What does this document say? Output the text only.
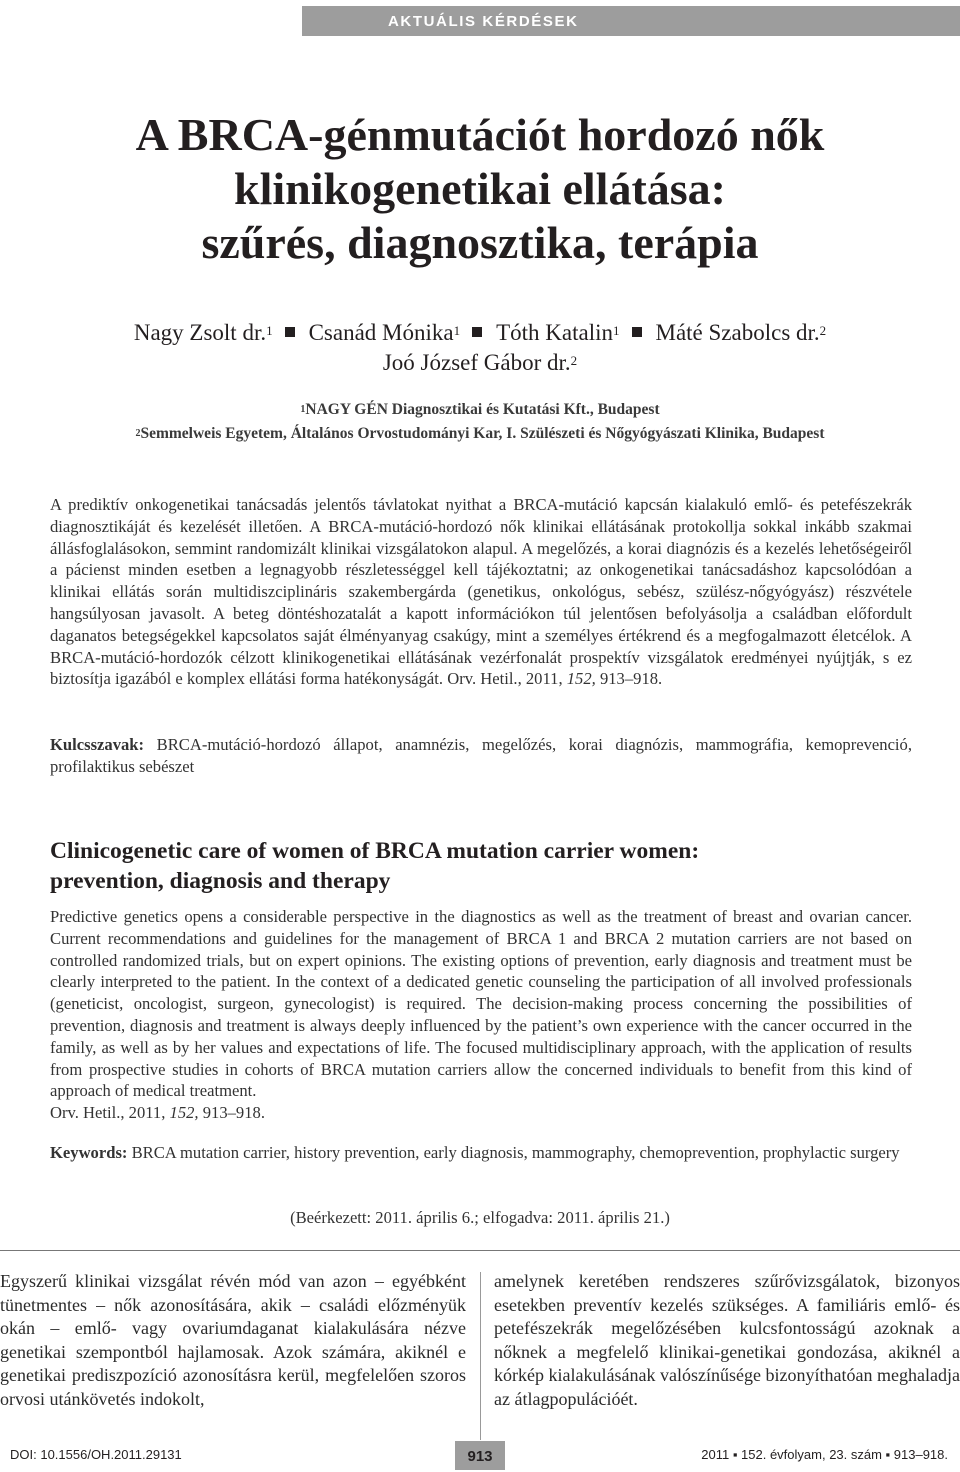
AKTUÁLIS KÉRDÉSEK
A BRCA-génmutációt hordozó nők
klinikogenetikai ellátása:
szűrés, diagnosztika, terápia
Nagy Zsolt dr.$^1$ Csanád Mónika$^1$ Tóth Katalin$^1$ Máté Szabolcs dr.$^2$
Joó József Gábor dr.$^2$
$^1$NAGY GÉN Diagnosztikai és Kutatási Kft., Budapest
$^2$Semmelweis Egyetem, Általános Orvostudományi Kar, I. Szülészeti és Nőgyógyászati Klinika, Budapest
A prediktív onkogenetikai tanácsadás jelentős távlatokat nyithat a BRCA-mutáció kapcsán kialakuló emlő- és petefészekrák diagnosztikáját és kezelését illetően. A BRCA-mutáció-hordozó nők klinikai ellátásának protokollja sokkal inkább szakmai állásfoglalásokon, semmint randomizált klinikai vizsgálatokon alapul. A megelőzés, a korai diagnózis és a kezelés lehetőségeiről a pácienst minden esetben a legnagyobb részletességgel kell tájékoztatni; az onkogenetikai tanácsadáshoz kapcsolódóan a klinikai ellátás során multidiszciplináris szakembergárda (genetikus, onkológus, sebész, szülész-nőgyógyász) részvétele hangsúlyosan javasolt. A beteg döntéshozatalát a kapott információkon túl jelentősen befolyásolja a családban előfordult daganatos betegségekkel kapcsolatos saját élményanyag csakúgy, mint a személyes értékrend és a megfogalmazott életcélok. A BRCA-mutáció-hordozók célzott klinikogenetikai ellátásának vezérfonalát prospektív vizsgálatok eredményei nyújtják, s ez biztosítja igazából e komplex ellátási forma hatékonyságát. Orv. Hetil., 2011, 152, 913–918.
Kulcsszavak: BRCA-mutáció-hordozó állapot, anamnézis, megelőzés, korai diagnózis, mammográfia, kemoprevenció, profilaktikus sebészet
Clinicogenetic care of women of BRCA mutation carrier women:
prevention, diagnosis and therapy
Predictive genetics opens a considerable perspective in the diagnostics as well as the treatment of breast and ovarian cancer. Current recommendations and guidelines for the management of BRCA 1 and BRCA 2 mutation carriers are not based on controlled randomized trials, but on expert opinions. The existing options of prevention, early diagnosis and treatment must be clearly interpreted to the patient. In the context of a dedicated genetic counseling the participation of all involved professionals (geneticist, oncologist, surgeon, gynecologist) is required. The decision-making process concerning the possibilities of prevention, diagnosis and treatment is always deeply influenced by the patient’s own experience with the cancer occurred in the family, as well as by her values and expectations of life. The focused multidisciplinary approach, with the application of results from prospective studies in cohorts of BRCA mutation carriers allow the concerned individuals to benefit from this kind of approach of medical treatment.
Orv. Hetil., 2011, 152, 913–918.
Keywords: BRCA mutation carrier, history prevention, early diagnosis, mammography, chemoprevention, prophylactic surgery
(Beérkezett: 2011. április 6.; elfogadva: 2011. április 21.)
Egyszerű klinikai vizsgálat révén mód van azon – egyébként tünetmentes – nők azonosítására, akik – családi előzményük okán – emlő- vagy ovariumdaganat kialakulására nézve genetikai szempontból hajlamosak. Azok számára, akiknél e genetikai prediszpozíció azonosításra kerül, megfelelően szoros orvosi utánkövetés indokolt,
amelynek keretében rendszeres szűrővizsgálatok, bizonyos esetekben preventív kezelés szükséges. A familiáris emlő- és petefészekrák megelőzésében kulcsfontosságú azoknak a nőknek a megfelelő klinikai-genetikai gondozása, akiknél a kórkép kialakulásának valószínűsége bizonyíthatóan meghaladja az átlagpopulációét.
DOI: 10.1556/OH.2011.29131	913	2011 ▪ 152. évfolyam, 23. szám ▪ 913–918.
